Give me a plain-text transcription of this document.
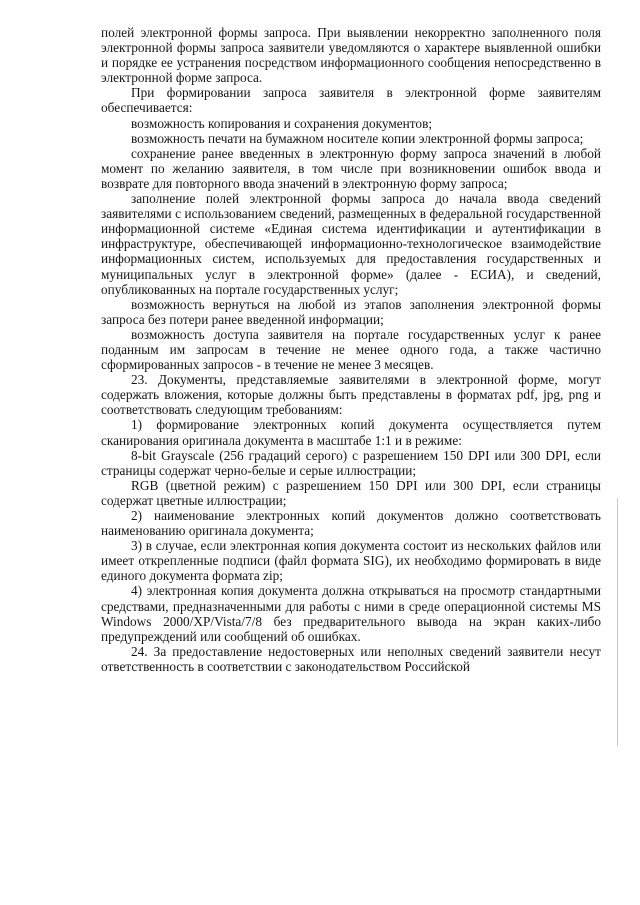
полей электронной формы запроса. При выявлении некорректно заполненного поля электронной формы запроса заявители уведомляются о характере выявленной ошибки и порядке ее устранения посредством информационного сообщения непосредственно в электронной форме запроса.

При формировании запроса заявителя в электронной форме заявителям обеспечивается:

возможность копирования и сохранения документов;

возможность печати на бумажном носителе копии электронной формы запроса;

сохранение ранее введенных в электронную форму запроса значений в любой момент по желанию заявителя, в том числе при возникновении ошибок ввода и возврате для повторного ввода значений в электронную форму запроса;

заполнение полей электронной формы запроса до начала ввода сведений заявителями с использованием сведений, размещенных в федеральной государственной информационной системе «Единая система идентификации и аутентификации в инфраструктуре, обеспечивающей информационно-технологическое взаимодействие информационных систем, используемых для предоставления государственных и муниципальных услуг в электронной форме» (далее - ЕСИА), и сведений, опубликованных на портале государственных услуг;

возможность вернуться на любой из этапов заполнения электронной формы запроса без потери ранее введенной информации;

возможность доступа заявителя на портале государственных услуг к ранее поданным им запросам в течение не менее одного года, а также частично сформированных запросов - в течение не менее 3 месяцев.

23. Документы, представляемые заявителями в электронной форме, могут содержать вложения, которые должны быть представлены в форматах pdf, jpg, png и соответствовать следующим требованиям:

1) формирование электронных копий документа осуществляется путем сканирования оригинала документа в масштабе 1:1 и в режиме:

8-bit Grayscale (256 градаций серого) с разрешением 150 DPI или 300 DPI, если страницы содержат черно-белые и серые иллюстрации;

RGB (цветной режим) с разрешением 150 DPI или 300 DPI, если страницы содержат цветные иллюстрации;

2) наименование электронных копий документов должно соответствовать наименованию оригинала документа;

3) в случае, если электронная копия документа состоит из нескольких файлов или имеет открепленные подписи (файл формата SIG), их необходимо формировать в виде единого документа формата zip;

4) электронная копия документа должна открываться на просмотр стандартными средствами, предназначенными для работы с ними в среде операционной системы MS Windows 2000/XP/Vista/7/8 без предварительного вывода на экран каких-либо предупреждений или сообщений об ошибках.

24. За предоставление недостоверных или неполных сведений заявители несут ответственность в соответствии с законодательством Российской
